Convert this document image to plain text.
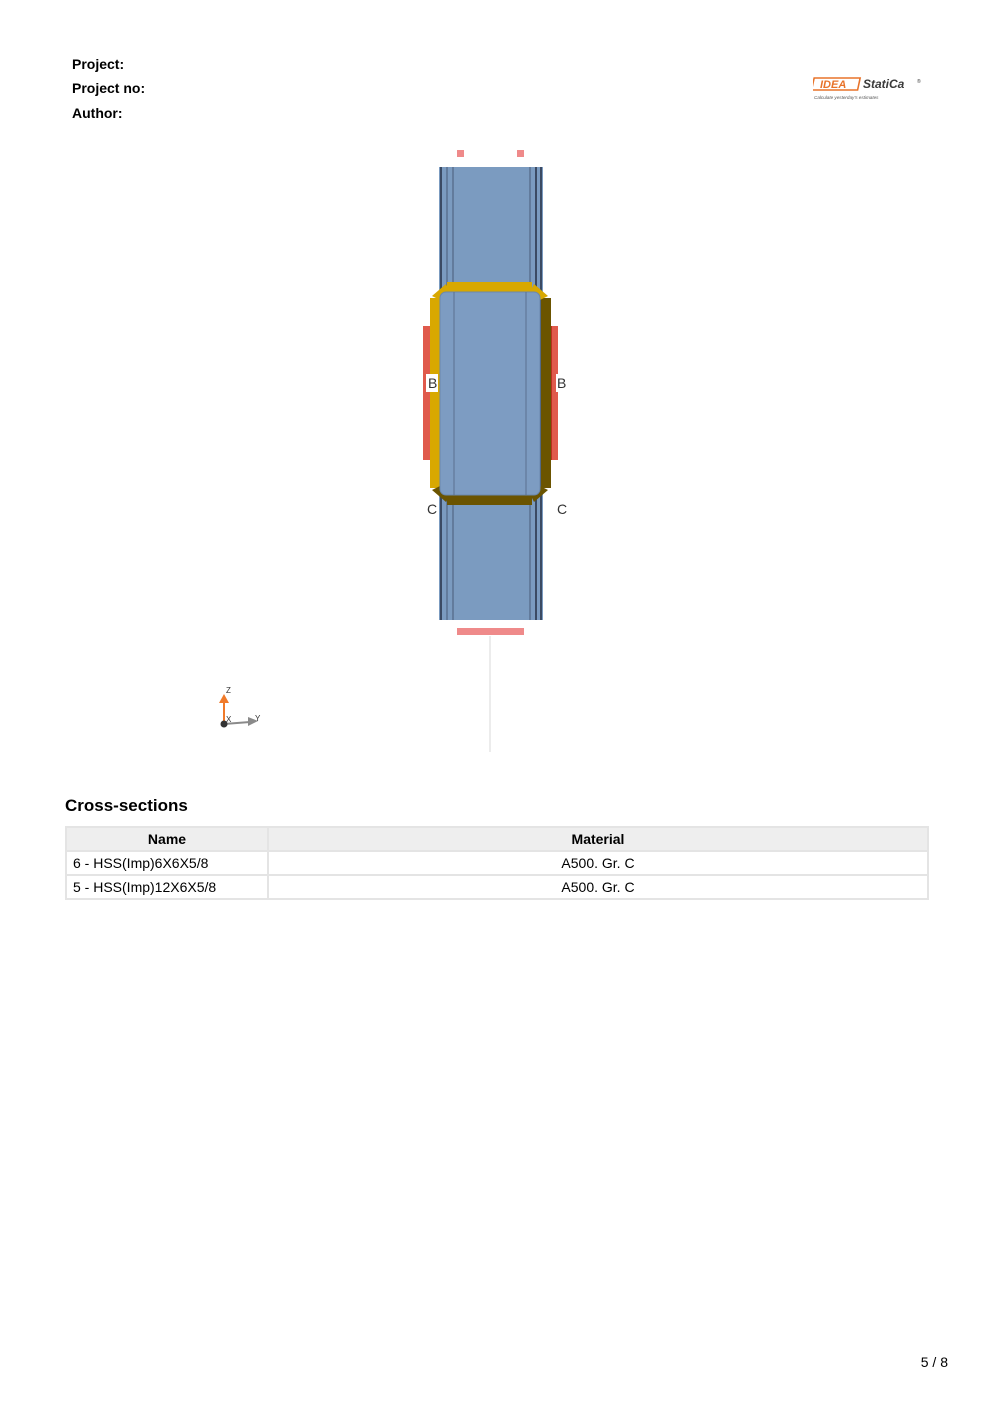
Project:
Project no:
Author:
IDEA StatiCa	®
Calculate yesterday's estimates
B	B
C	C
Z
X	Y
Cross-sections
Name	Material
6 - HSS(Imp)6X6X5/8	A500. Gr. C
5 - HSS(Imp)12X6X5/8	A500. Gr. C
5 / 8
